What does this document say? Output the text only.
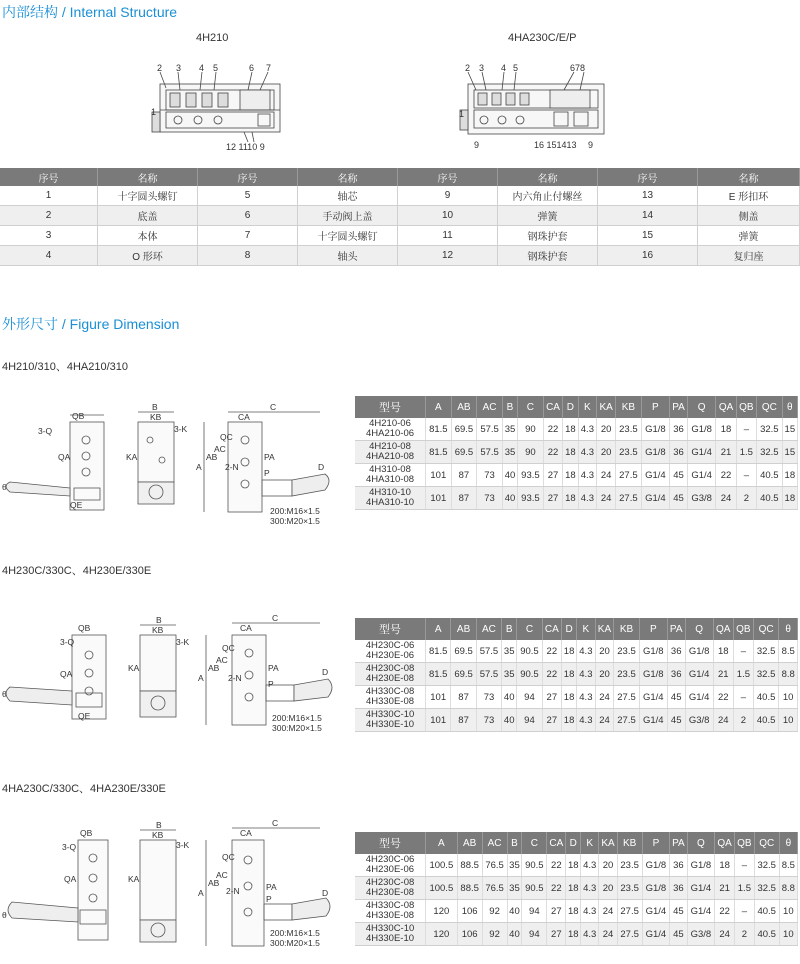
内部结构 / Internal Structure
4H210	4HA230C/E/P
2 3 4 5	6 7
1
12 1110 9
2 3 4 5	678
1
9	16 151413 9
序号	名称	序号	名称	序号	名称	序号	名称
1	十字圆头螺钉	5	轴芯	9	内六角止付螺丝	13	E 形扣环
2	底盖	6	手动阀上盖	10	弹簧	14	侧盖
3	本体	7	十字圆头螺钉	11	钢珠护套	15	弹簧
4	O 形环	8	轴头	12	钢珠护套	16	复归座
外形尺寸 / Figure Dimension
4H210/310、4HA210/310
QB
3-Q
QA
QE
θ
B
KB
3-K
KA
CA
C
A
AB
AC
QC
2-N
PA
P
D
200:M16×1.5
300:M20×1.5
型号	A	AB	AC	B	C	CA	D	K	KA	KB	P	PA	Q	QA	QB	QC	θ

4H210-06
4HA210-06	81.5	69.5	57.5	35	90	22	18	4.3	20	23.5	G1/8	36	G1/8	18	–	32.5	15

4H210-08
4HA210-08	81.5	69.5	57.5	35	90	22	18	4.3	20	23.5	G1/8	36	G1/4	21	1.5	32.5	15

4H310-08
4HA310-08	101	87	73	40	93.5	27	18	4.3	24	27.5	G1/4	45	G1/4	22	–	40.5	18

4H310-10
4HA310-10	101	87	73	40	93.5	27	18	4.3	24	27.5	G1/4	45	G3/8	24	2	40.5	18
4H230C/330C、4H230E/330E
QB
3-Q
QA
QE
θ
B
KB
3-K
KA
CA
C
A
AB
AC
QC
2-N
PA
P
D
200:M16×1.5
300:M20×1.5
型号	A	AB	AC	B	C	CA	D	K	KA	KB	P	PA	Q	QA	QB	QC	θ

4H230C-06
4H230E-06	81.5	69.5	57.5	35	90.5	22	18	4.3	20	23.5	G1/8	36	G1/8	18	–	32.5	8.5

4H230C-08
4H230E-08	81.5	69.5	57.5	35	90.5	22	18	4.3	20	23.5	G1/8	36	G1/4	21	1.5	32.5	8.8

4H330C-08
4H330E-08	101	87	73	40	94	27	18	4.3	24	27.5	G1/4	45	G1/4	22	–	40.5	10

4H330C-10
4H330E-10	101	87	73	40	94	27	18	4.3	24	27.5	G1/4	45	G3/8	24	2	40.5	10
4HA230C/330C、4HA230E/330E
QB
3-Q
QA
θ
B
KB
3-K
KA
CA
C
A
AB
AC
QC
2-N	PA
P
D
200:M16×1.5
300:M20×1.5
型号	A	AB	AC	B	C	CA	D	K	KA	KB	P	PA	Q	QA	QB	QC	θ

4H230C-06
4H230E-06	100.5	88.5	76.5	35	90.5	22	18	4.3	20	23.5	G1/8	36	G1/8	18	–	32.5	8.5

4H230C-08
4H230E-08	100.5	88.5	76.5	35	90.5	22	18	4.3	20	23.5	G1/8	36	G1/4	21	1.5	32.5	8.8

4H330C-08
4H330E-08	120	106	92	40	94	27	18	4.3	24	27.5	G1/4	45	G1/4	22	–	40.5	10

4H330C-10
4H330E-10	120	106	92	40	94	27	18	4.3	24	27.5	G1/4	45	G3/8	24	2	40.5	10
